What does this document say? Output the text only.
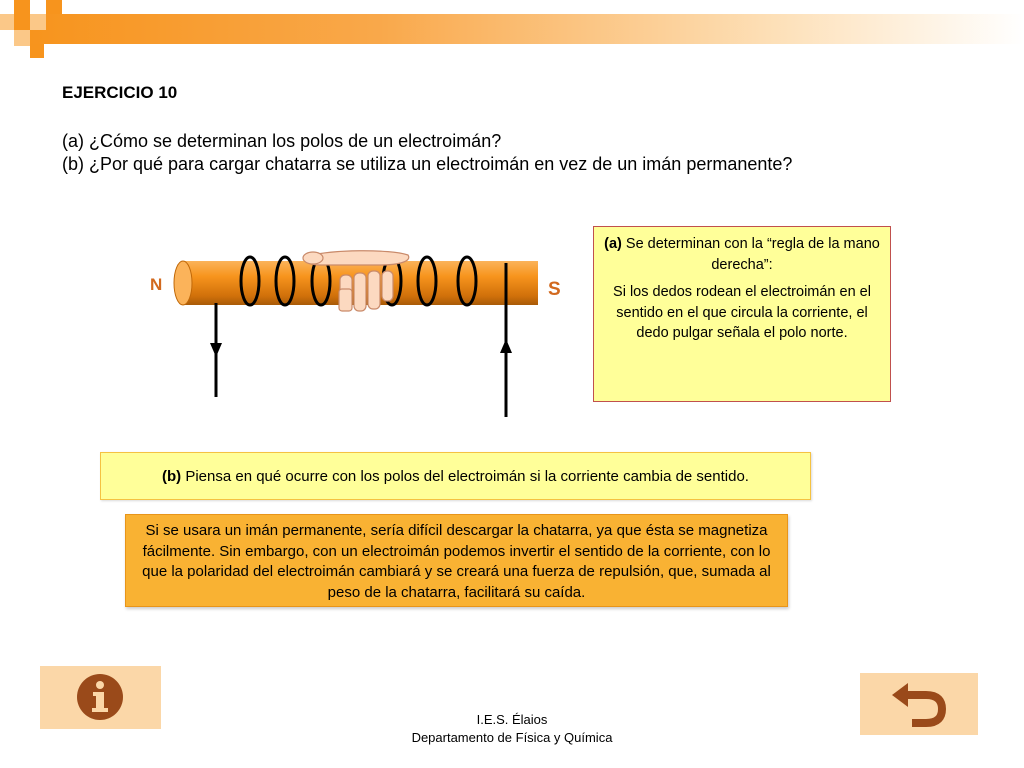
EJERCICIO 10
(a) ¿Cómo se determinan los polos de un electroimán?
(b) ¿Por qué para cargar chatarra se utiliza un electroimán en vez de un imán permanente?
N	S

(a) Se determinan con la “regla de la mano derecha”:

Si los dedos rodean el electroimán en el sentido en el que circula la corriente, el dedo pulgar señala el polo norte.

(b) Piensa en qué ocurre con los polos del electroimán si la corriente cambia de sentido.
Si se usara un imán permanente, sería difícil descargar la chatarra, ya que ésta se magnetiza fácilmente. Sin embargo, con un electroimán podemos invertir el sentido de la corriente, con lo que la polaridad del electroimán cambiará y se creará una fuerza de repulsión, que, sumada al peso de la chatarra, facilitará su caída.
I.E.S. Élaios
Departamento de Física y Química
